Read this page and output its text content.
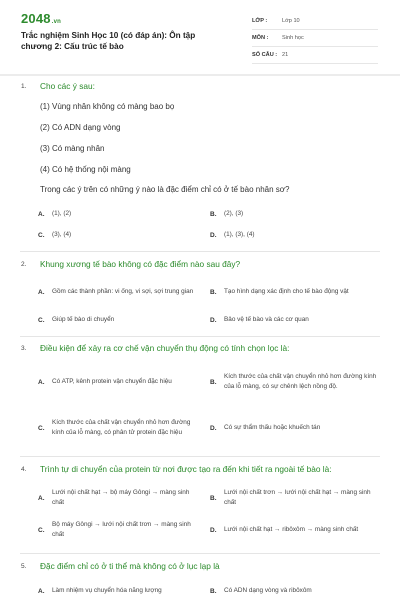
2048.vn
Trắc nghiệm Sinh Học 10 (có đáp án): Ôn tập chương 2: Cấu trúc tế bào
LỚP :	Lớp 10
MÔN :	Sinh học
SỐ CÂU : 21
1. Cho các ý sau:
(1) Vùng nhân không có màng bao bọ
(2) Có ADN dạng vòng
(3) Có màng nhân
(4) Có hệ thống nội màng
Trong các ý trên có những ý nào là đặc điểm chỉ có ở tế bào nhân sơ?
A.	(1), (2)	B.	(2), (3)
C.	(3), (4)	D.	(1), (3), (4)
2. Khung xương tế bào không có đặc điểm nào sau đây?
A.	Gồm các thành phần: vi ống, vi sợi, sợi trung gian	B.	Tạo hình dạng xác định cho tế bào động vật
C.	Giúp tế bào di chuyển	D.	Bảo vệ tế bào và các cơ quan
3. Điều kiện để xảy ra cơ chế vận chuyển thụ động có tính chọn lọc là:
A.	Có ATP, kênh protein vận chuyển đặc hiệu	B.
Kích thước của chất vận chuyển nhỏ hơn đường kính của lỗ màng, có sự chênh lệch nồng độ.
C.
Kích thước của chất vận chuyển nhỏ hơn đường kính của lỗ màng, có phân tử protein đặc hiệu
D.	Có sự thẩm thấu hoặc khuếch tán
4. Trình tự di chuyển của protein từ nơi được tạo ra đến khi tiết ra ngoài tế bào là:
A.
Lưới nội chất hạt → bộ máy Gôngi → màng sinh chất
B.
Lưới nội chất trơn → lưới nội chất hạt → màng sinh chất
C.
Bộ máy Gôngi → lưới nội chất trơn → màng sinh chất
D.	Lưới nội chất hạt → ribôxôm → màng sinh chất
5. Đặc điểm chỉ có ở ti thể mà không có ở lục lạp là
A.	Làm nhiệm vụ chuyển hóa năng lượng	B.	Có ADN dạng vòng và ribôxôm
